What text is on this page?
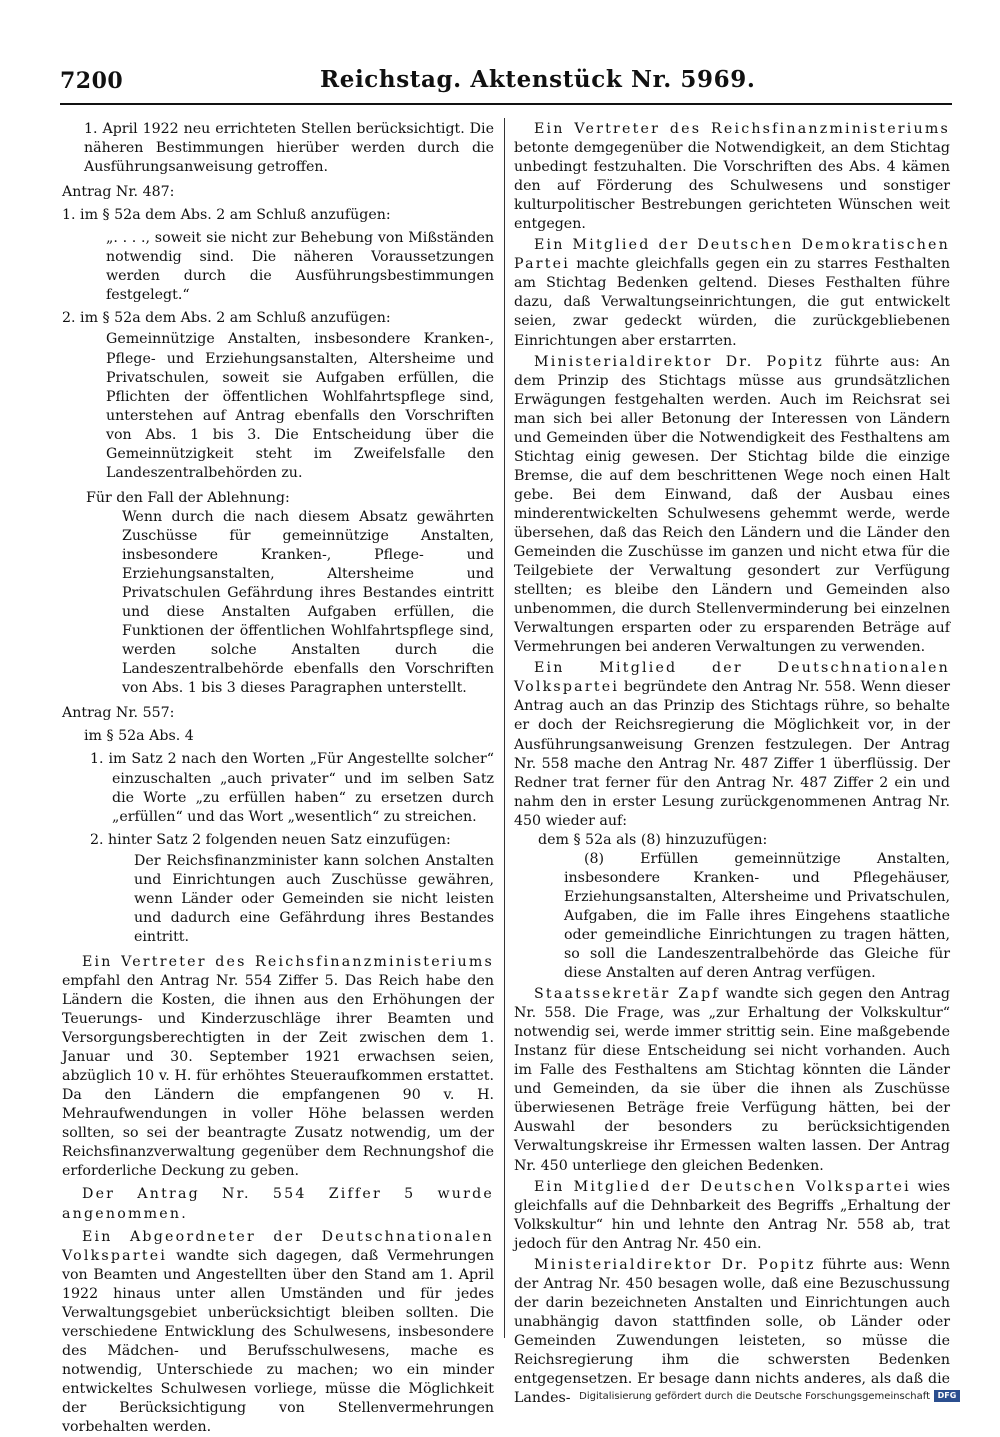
7200	Reichstag. Aktenstück Nr. 5969.

1. April 1922 neu errichteten Stellen berücksichtigt. Die näheren Bestimmungen hierüber werden durch die Ausführungsanweisung getroffen.

Antrag Nr. 487:

1. im § 52a dem Abs. 2 am Schluß anzufügen:

„. . . ., soweit sie nicht zur Behebung von Mißständen notwendig sind. Die näheren Voraussetzungen werden durch die Ausführungsbestimmungen festgelegt.“

2. im § 52a dem Abs. 2 am Schluß anzufügen:

Gemeinnützige Anstalten, insbesondere Kranken-, Pflege- und Erziehungsanstalten, Altersheime und Privatschulen, soweit sie Aufgaben erfüllen, die Pflichten der öffentlichen Wohlfahrtspflege sind, unterstehen auf Antrag ebenfalls den Vorschriften von Abs. 1 bis 3. Die Entscheidung über die Gemeinnützigkeit steht im Zweifelsfalle den Landeszentralbehörden zu.

Für den Fall der Ablehnung:

Wenn durch die nach diesem Absatz gewährten Zuschüsse für gemeinnützige Anstalten, insbesondere Kranken-, Pflege- und Erziehungsanstalten, Altersheime und Privatschulen Gefährdung ihres Bestandes eintritt und diese Anstalten Aufgaben erfüllen, die Funktionen der öffentlichen Wohlfahrtspflege sind, werden solche Anstalten durch die Landeszentralbehörde ebenfalls den Vorschriften von Abs. 1 bis 3 dieses Paragraphen unterstellt.

Antrag Nr. 557:

im § 52a Abs. 4

1. im Satz 2 nach den Worten „Für Angestellte solcher“ einzuschalten „auch privater“ und im selben Satz die Worte „zu erfüllen haben“ zu ersetzen durch „erfüllen“ und das Wort „wesentlich“ zu streichen.

2. hinter Satz 2 folgenden neuen Satz einzufügen:

Der Reichsfinanzminister kann solchen Anstalten und Einrichtungen auch Zuschüsse gewähren, wenn Länder oder Gemeinden sie nicht leisten und dadurch eine Gefährdung ihres Bestandes eintritt.

Ein Vertreter des Reichsfinanzministeriums empfahl den Antrag Nr. 554 Ziffer 5. Das Reich habe den Ländern die Kosten, die ihnen aus den Erhöhungen der Teuerungs- und Kinderzuschläge ihrer Beamten und Versorgungsberechtigten in der Zeit zwischen dem 1. Januar und 30. September 1921 erwachsen seien, abzüglich 10 v. H. für erhöhtes Steueraufkommen erstattet. Da den Ländern die empfangenen 90 v. H. Mehraufwendungen in voller Höhe belassen werden sollten, so sei der beantragte Zusatz notwendig, um der Reichsfinanzverwaltung gegenüber dem Rechnungshof die erforderliche Deckung zu geben.

Der Antrag Nr. 554 Ziffer 5 wurde angenommen.

Ein Abgeordneter der Deutschnationalen Volkspartei wandte sich dagegen, daß Vermehrungen von Beamten und Angestellten über den Stand am 1. April 1922 hinaus unter allen Umständen und für jedes Verwaltungsgebiet unberücksichtigt bleiben sollten. Die verschiedene Entwicklung des Schulwesens, insbesondere des Mädchen- und Berufsschulwesens, mache es notwendig, Unterschiede zu machen; wo ein minder entwickeltes Schulwesen vorliege, müsse die Möglichkeit der Berücksichtigung von Stellenvermehrungen vorbehalten werden.

Ein Vertreter des Reichsfinanzministeriums betonte demgegenüber die Notwendigkeit, an dem Stichtag unbedingt festzuhalten. Die Vorschriften des Abs. 4 kämen den auf Förderung des Schulwesens und sonstiger kulturpolitischer Bestrebungen gerichteten Wünschen weit entgegen.

Ein Mitglied der Deutschen Demokratischen Partei machte gleichfalls gegen ein zu starres Festhalten am Stichtag Bedenken geltend. Dieses Festhalten führe dazu, daß Verwaltungseinrichtungen, die gut entwickelt seien, zwar gedeckt würden, die zurückgebliebenen Einrichtungen aber erstarrten.

Ministerialdirektor Dr. Popitz führte aus: An dem Prinzip des Stichtags müsse aus grundsätzlichen Erwägungen festgehalten werden. Auch im Reichsrat sei man sich bei aller Betonung der Interessen von Ländern und Gemeinden über die Notwendigkeit des Festhaltens am Stichtag einig gewesen. Der Stichtag bilde die einzige Bremse, die auf dem beschrittenen Wege noch einen Halt gebe. Bei dem Einwand, daß der Ausbau eines minderentwickelten Schulwesens gehemmt werde, werde übersehen, daß das Reich den Ländern und die Länder den Gemeinden die Zuschüsse im ganzen und nicht etwa für die Teilgebiete der Verwaltung gesondert zur Verfügung stellten; es bleibe den Ländern und Gemeinden also unbenommen, die durch Stellenverminderung bei einzelnen Verwaltungen ersparten oder zu ersparenden Beträge auf Vermehrungen bei anderen Verwaltungen zu verwenden.

Ein Mitglied der Deutschnationalen Volkspartei begründete den Antrag Nr. 558. Wenn dieser Antrag auch an das Prinzip des Stichtags rühre, so behalte er doch der Reichsregierung die Möglichkeit vor, in der Ausführungsanweisung Grenzen festzulegen. Der Antrag Nr. 558 mache den Antrag Nr. 487 Ziffer 1 überflüssig. Der Redner trat ferner für den Antrag Nr. 487 Ziffer 2 ein und nahm den in erster Lesung zurückgenommenen Antrag Nr. 450 wieder auf:

dem § 52a als (8) hinzuzufügen:

(8) Erfüllen gemeinnützige Anstalten, insbesondere Kranken- und Pflegehäuser, Erziehungsanstalten, Altersheime und Privatschulen, Aufgaben, die im Falle ihres Eingehens staatliche oder gemeindliche Einrichtungen zu tragen hätten, so soll die Landeszentralbehörde das Gleiche für diese Anstalten auf deren Antrag verfügen.

Staatssekretär Zapf wandte sich gegen den Antrag Nr. 558. Die Frage, was „zur Erhaltung der Volkskultur“ notwendig sei, werde immer strittig sein. Eine maßgebende Instanz für diese Entscheidung sei nicht vorhanden. Auch im Falle des Festhaltens am Stichtag könnten die Länder und Gemeinden, da sie über die ihnen als Zuschüsse überwiesenen Beträge freie Verfügung hätten, bei der Auswahl der besonders zu berücksichtigenden Verwaltungskreise ihr Ermessen walten lassen. Der Antrag Nr. 450 unterliege den gleichen Bedenken.

Ein Mitglied der Deutschen Volkspartei wies gleichfalls auf die Dehnbarkeit des Begriffs „Erhaltung der Volkskultur“ hin und lehnte den Antrag Nr. 558 ab, trat jedoch für den Antrag Nr. 450 ein.

Ministerialdirektor Dr. Popitz führte aus: Wenn der Antrag Nr. 450 besagen wolle, daß eine Bezuschussung der darin bezeichneten Anstalten und Einrichtungen auch unabhängig davon stattfinden solle, ob Länder oder Gemeinden Zuwendungen leisteten, so müsse die Reichsregierung ihm die schwersten Bedenken entgegensetzen. Er besage dann nichts anderes, als daß die Landes- Digitalisierung gefördert durch die Deutsche Forschungsgemeinschaft DFG
